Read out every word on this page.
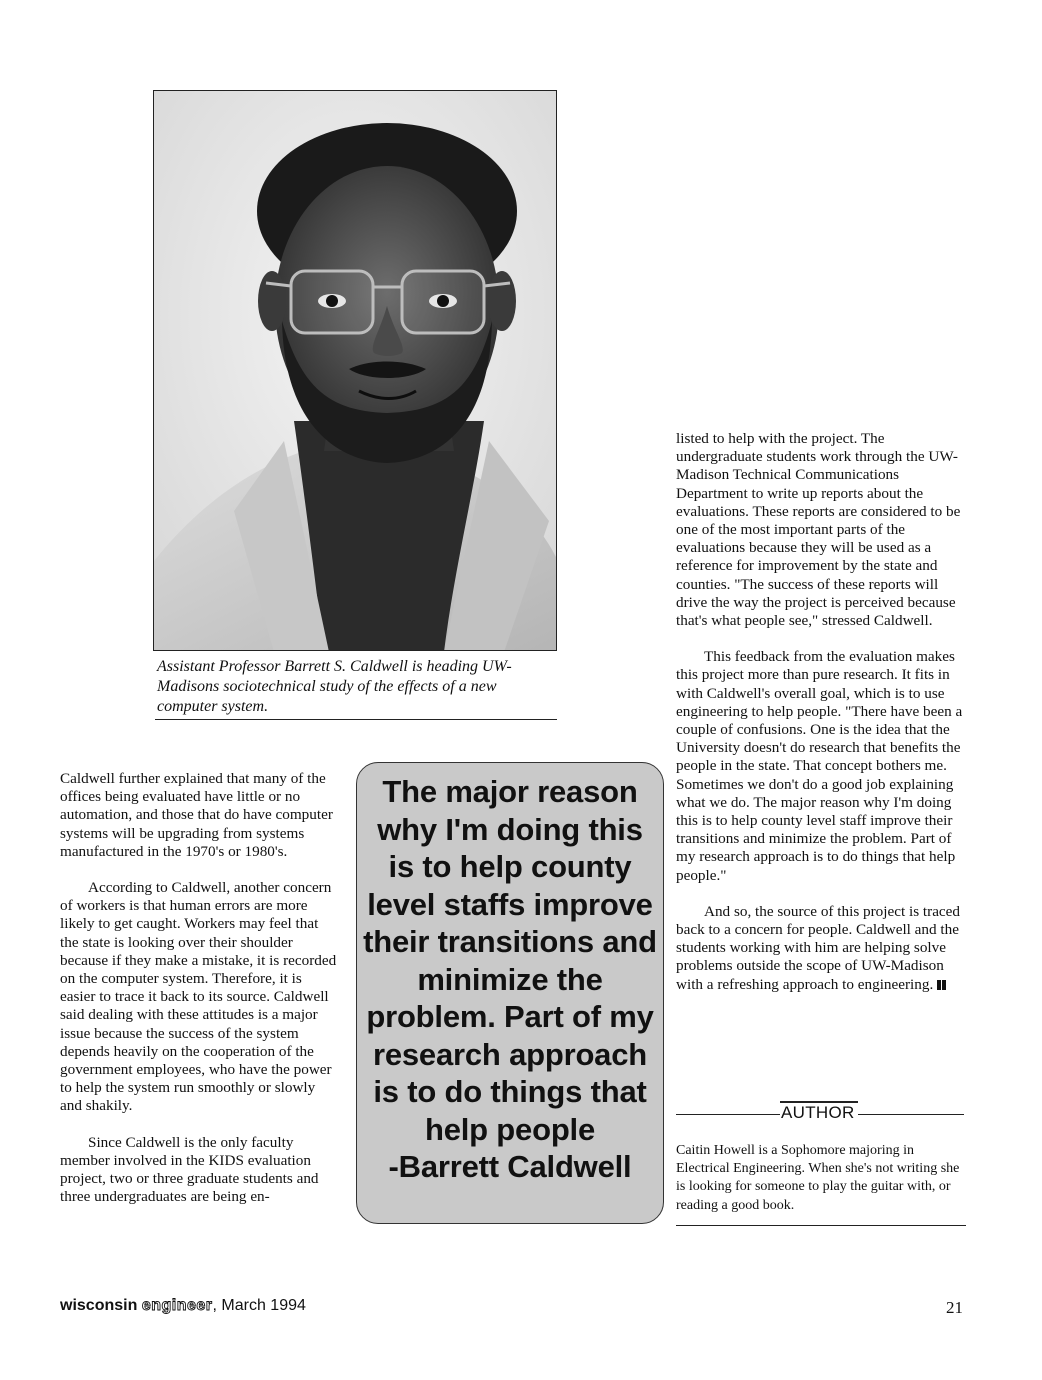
Assistant Professor Barrett S. Caldwell is heading UW-
Madisons sociotechnical study of the effects of a new
computer system.

Caldwell further explained that many of the offices being evaluated have little or no automation, and those that do have computer systems will be upgrading from systems manufactured in the 1970's or 1980's.

According to Caldwell, another concern of workers is that human errors are more likely to get caught. Workers may feel that the state is looking over their shoulder because if they make a mistake, it is recorded on the computer system. Therefore, it is easier to trace it back to its source. Caldwell said dealing with these attitudes is a major issue because the success of the system depends heavily on the cooperation of the government employees, who have the power to help the system run smoothly or slowly and shakily.

Since Caldwell is the only faculty member involved in the KIDS evaluation project, two or three graduate students and three undergraduates are being en-

The major reason why I'm doing this is to help county level staffs improve their transitions and minimize the problem. Part of my research approach is to do things that help people
-Barrett Caldwell

listed to help with the project. The undergraduate students work through the UW-Madison Technical Communications Department to write up reports about the evaluations. These reports are considered to be one of the most important parts of the evaluations because they will be used as a reference for improvement by the state and counties. "The success of these reports will drive the way the project is perceived because that's what people see," stressed Caldwell.

This feedback from the evaluation makes this project more than pure research. It fits in with Caldwell's overall goal, which is to use engineering to help people. "There have been a couple of confusions. One is the idea that the University doesn't do research that benefits the people in the state. That concept bothers me. Sometimes we don't do a good job explaining what we do. The major reason why I'm doing this is to help county level staff improve their transitions and minimize the problem. Part of my research approach is to do things that help people."

And so, the source of this project is traced back to a concern for people. Caldwell and the students working with him are helping solve problems outside the scope of UW-Madison with a refreshing approach to engineering.

AUTHOR
Caitin Howell is a Sophomore majoring in Electrical Engineering. When she's not writing she is looking for someone to play the guitar with, or reading a good book.
wisconsin engineer, March 1994	21
